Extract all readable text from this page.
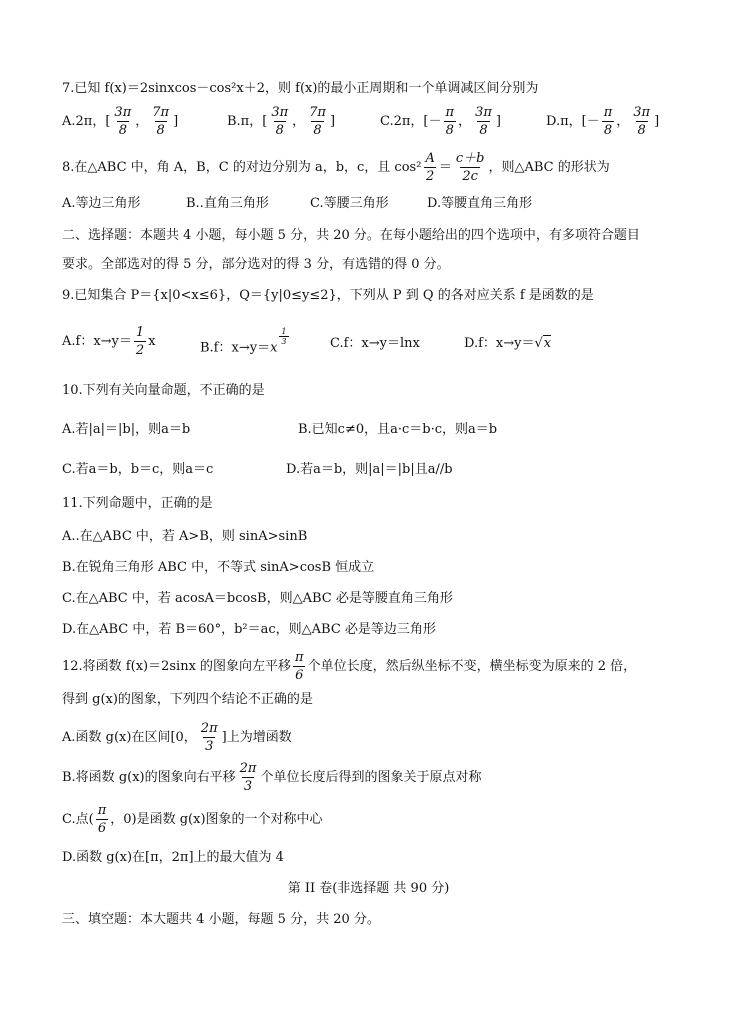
7.已知 f(x)＝2sinxcos－cos²x＋2，则 f(x)的最小正周期和一个单调减区间分别为
A.2π，[ $\frac{3\pi}{8}$ ， $\frac{7\pi}{8}$ ]	B.π，[ $\frac{3\pi}{8}$ ， $\frac{7\pi}{8}$ ]	C.2π，[－ $\frac{\pi}{8}$ ， $\frac{3\pi}{8}$ ]	D.π，[－ $\frac{\pi}{8}$ ， $\frac{3\pi}{8}$ ]
8.在△ABC 中，角 A，B，C 的对边分别为 a，b，c，且 $\cos^2 \frac{A}{2} = \frac{c+b}{2c}$ ，则△ABC 的形状为
A.等边三角形	B..直角三角形	C.等腰三角形	D.等腰直角三角形
二、选择题：本题共 4 小题，每小题 5 分，共 20 分。在每小题给出的四个选项中，有多项符合题目
要求。全部选对的得 5 分，部分选对的得 3 分，有选错的得 0 分。
9.已知集合 P＝{x|0<x≤6}，Q＝{y|0≤y≤2}，下列从 P 到 Q 的各对应关系 f 是函数的是
A.f：$x\to y= \frac{1}{2}$ x	B.f：x→y＝x
$^{\frac{1}{3}}$	C.f：x→y＝lnx	D.f：x→y＝√x
10.下列有关向量命题，不正确的是
A.若|a|＝|b|，则a＝b	B.已知c≠0，且a·c＝b·c，则a＝b
C.若a＝b，b＝c，则a＝c	D.若a＝b，则|a|＝|b|且a//b
11.下列命题中，正确的是
A..在△ABC 中，若 A>B，则 sinA>sinB
B.在锐角三角形 ABC 中，不等式 sinA>cosB 恒成立
C.在△ABC 中，若 acosA＝bcosB，则△ABC 必是等腰直角三角形
D.在△ABC 中，若 B＝60°，b²＝ac，则△ABC 必是等边三角形
12.将函数 f(x)＝2sinx 的图象向左平移 $\frac{\pi}{6}$ 个单位长度，然后纵坐标不变，横坐标变为原来的 2 倍，
得到 g(x)的图象，下列四个结论不正确的是
A.函数 g(x)在区间[0， $\frac{2\pi}{3}$ ]上为增函数
B.将函数 g(x)的图象向右平移 $\frac{2\pi}{3}$ 个单位长度后得到的图象关于原点对称
C.点( $\frac{\pi}{6}$ ，0)是函数 g(x)图象的一个对称中心
D.函数 g(x)在[π，2π]上的最大值为 4
第 II 卷(非选择题 共 90 分)
三、填空题：本大题共 4 小题，每题 5 分，共 20 分。
